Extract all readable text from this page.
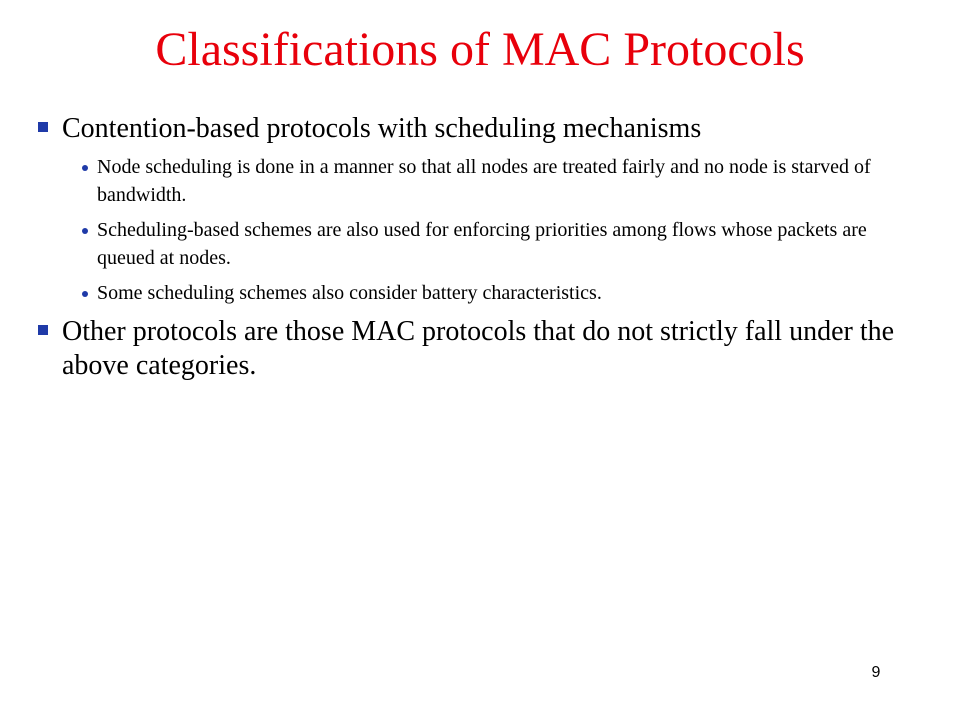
Classifications of MAC Protocols
Contention-based protocols with scheduling mechanisms
Node scheduling is done in a manner so that all nodes are treated fairly and no node is starved of bandwidth.
Scheduling-based schemes are also used for enforcing priorities among flows whose packets are queued at nodes.
Some scheduling schemes also consider battery characteristics.
Other protocols are those MAC protocols that do not strictly fall under the above categories.
9
